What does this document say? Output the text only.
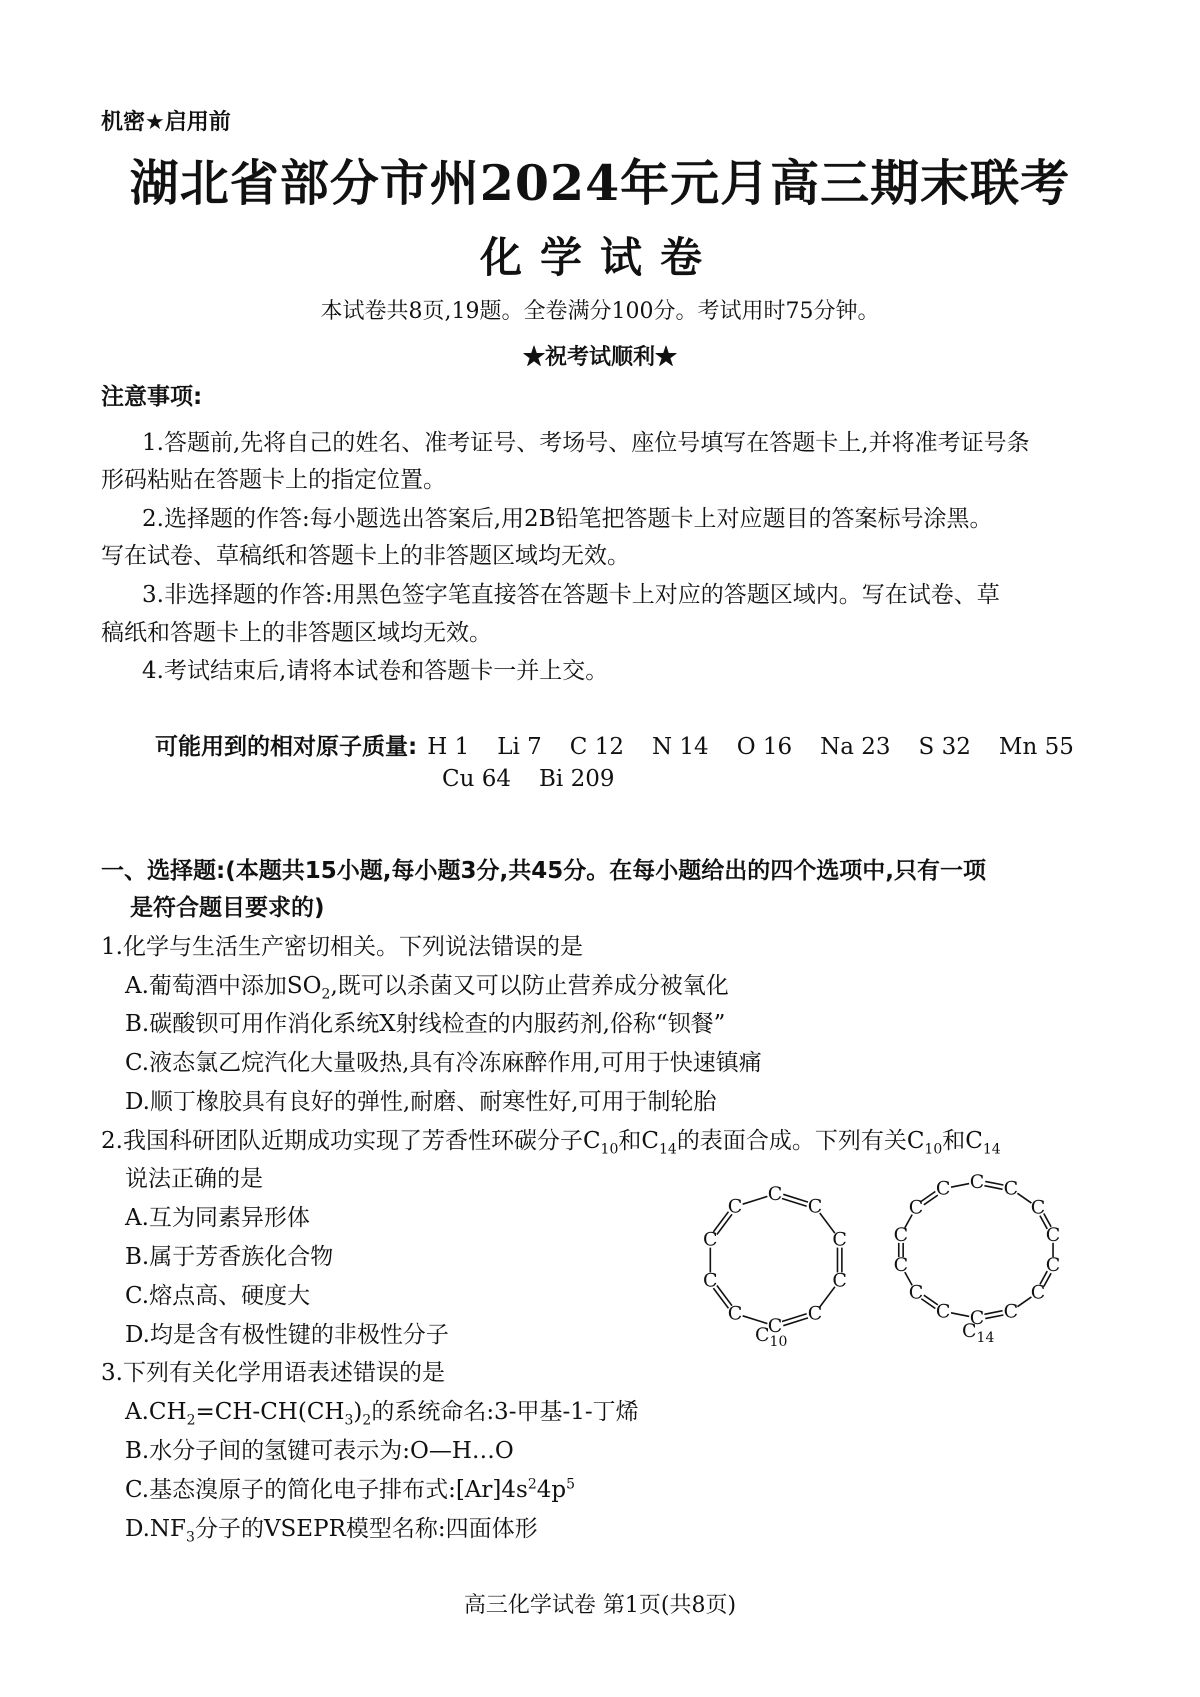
机密★启用前
湖北省部分市州2024年元月高三期末联考
化学试卷
本试卷共8页,19题。全卷满分100分。考试用时75分钟。
★祝考试顺利★
注意事项:
1.答题前,先将自己的姓名、准考证号、考场号、座位号填写在答题卡上,并将准考证号条
形码粘贴在答题卡上的指定位置。
2.选择题的作答:每小题选出答案后,用2B铅笔把答题卡上对应题目的答案标号涂黑。
写在试卷、草稿纸和答题卡上的非答题区域均无效。
3.非选择题的作答:用黑色签字笔直接答在答题卡上对应的答题区域内。写在试卷、草
稿纸和答题卡上的非答题区域均无效。
4.考试结束后,请将本试卷和答题卡一并上交。
可能用到的相对原子质量: H 1 Li 7 C 12 N 14 O 16 Na 23 S 32 Mn 55
Cu 64 Bi 209
一、选择题:(本题共15小题,每小题3分,共45分。在每小题给出的四个选项中,只有一项
是符合题目要求的)
1.化学与生活生产密切相关。下列说法错误的是
A.葡萄酒中添加$SO_2$,既可以杀菌又可以防止营养成分被氧化
B.碳酸钡可用作消化系统X射线检查的内服药剂,俗称“钡餐”
C.液态氯乙烷汽化大量吸热,具有冷冻麻醉作用,可用于快速镇痛
D.顺丁橡胶具有良好的弹性,耐磨、耐寒性好,可用于制轮胎
2.我国科研团队近期成功实现了芳香性环碳分子$C_{10}$和$C_{14}$的表面合成。下列有关$C_{10}$和$C_{14}$
说法正确的是
A.互为同素异形体
B.属于芳香族化合物
C.熔点高、硬度大
D.均是含有极性键的非极性分子
C
C
C
C
C
C
C
C
C
C
$C_{10}$
C C
C
C
C
C
C
C
C
C
C
C
C
C
$C_{14}$
3.下列有关化学用语表述错误的是
$A.CH_2=CH-CH(CH_3)_2$的系统命名:3-甲基-1-丁烯
B.水分子间的氢键可表示为:O—H…O
C.基态溴原子的简化电子排布式$:[Ar]4s^24p^5$
$D.NF_3$分子的VSEPR模型名称:四面体形
高三化学试卷 第1页(共8页)
